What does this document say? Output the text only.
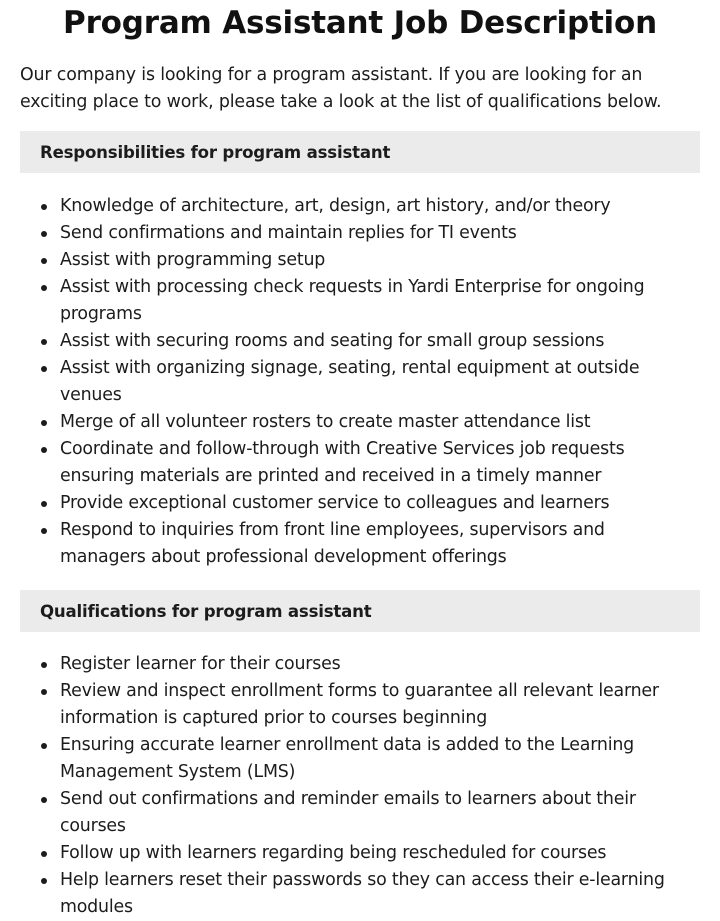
Program Assistant Job Description

Our company is looking for a program assistant. If you are looking for an exciting place to work, please take a look at the list of qualifications below.

Responsibilities for program assistant
Knowledge of architecture, art, design, art history, and/or theory
Send confirmations and maintain replies for TI events
Assist with programming setup
Assist with processing check requests in Yardi Enterprise for ongoing programs
Assist with securing rooms and seating for small group sessions
Assist with organizing signage, seating, rental equipment at outside venues
Merge of all volunteer rosters to create master attendance list
Coordinate and follow-through with Creative Services job requests ensuring materials are printed and received in a timely manner
Provide exceptional customer service to colleagues and learners
Respond to inquiries from front line employees, supervisors and managers about professional development offerings
Qualifications for program assistant
Register learner for their courses
Review and inspect enrollment forms to guarantee all relevant learner information is captured prior to courses beginning
Ensuring accurate learner enrollment data is added to the Learning Management System (LMS)
Send out confirmations and reminder emails to learners about their courses
Follow up with learners regarding being rescheduled for courses
Help learners reset their passwords so they can access their e-learning modules
